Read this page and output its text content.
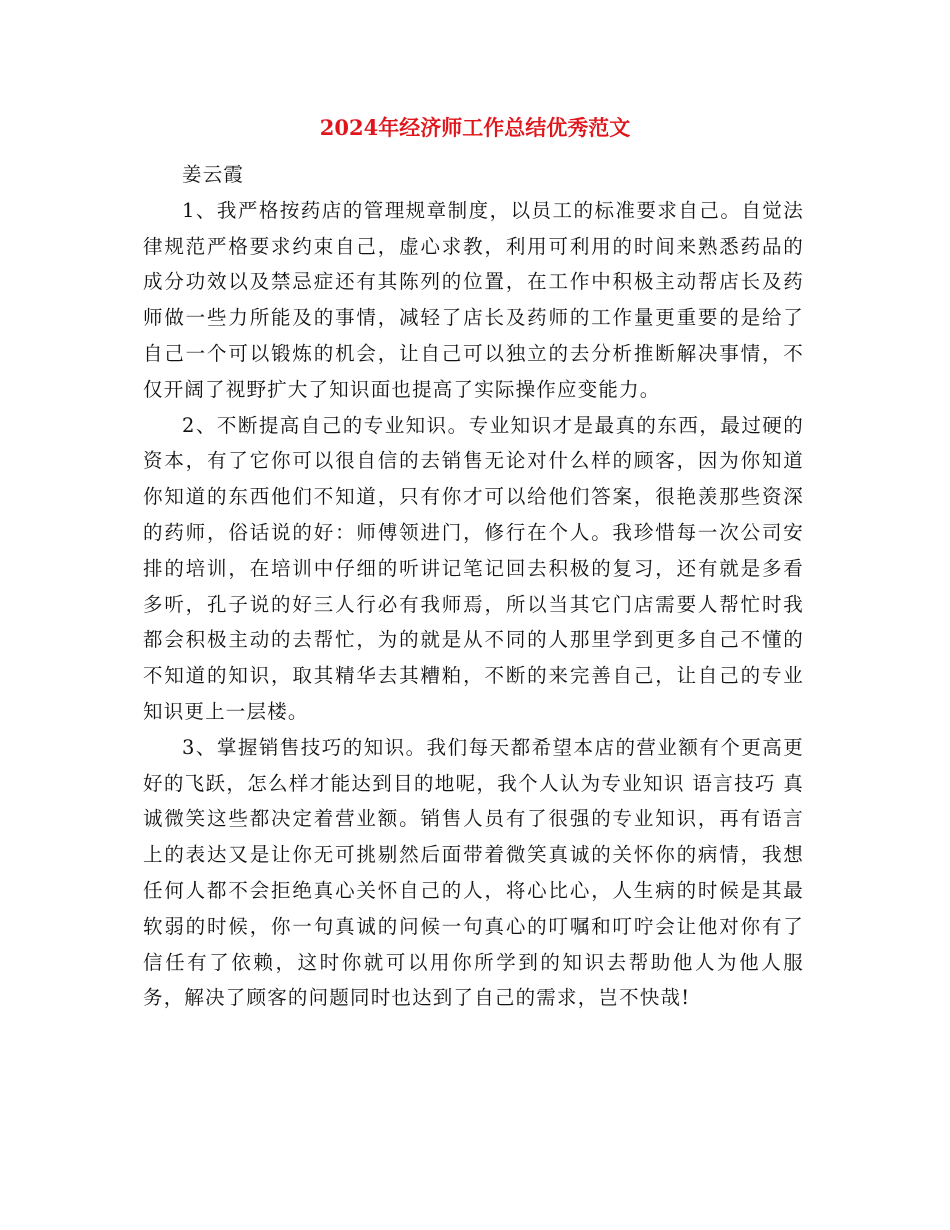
2024年经济师工作总结优秀范文

姜云霞

1、我严格按药店的管理规章制度，以员工的标准要求自己。自觉法律规范严格要求约束自己，虚心求教，利用可利用的时间来熟悉药品的成分功效以及禁忌症还有其陈列的位置，在工作中积极主动帮店长及药师做一些力所能及的事情，减轻了店长及药师的工作量更重要的是给了自己一个可以锻炼的机会，让自己可以独立的去分析推断解决事情，不仅开阔了视野扩大了知识面也提高了实际操作应变能力。

2、不断提高自己的专业知识。专业知识才是最真的东西，最过硬的资本，有了它你可以很自信的去销售无论对什么样的顾客，因为你知道你知道的东西他们不知道，只有你才可以给他们答案，很艳羡那些资深的药师，俗话说的好：师傅领进门，修行在个人。我珍惜每一次公司安排的培训，在培训中仔细的听讲记笔记回去积极的复习，还有就是多看多听，孔子说的好三人行必有我师焉，所以当其它门店需要人帮忙时我都会积极主动的去帮忙，为的就是从不同的人那里学到更多自己不懂的不知道的知识，取其精华去其糟粕，不断的来完善自己，让自己的专业知识更上一层楼。

3、掌握销售技巧的知识。我们每天都希望本店的营业额有个更高更好的飞跃，怎么样才能达到目的地呢，我个人认为专业知识 语言技巧 真诚微笑这些都决定着营业额。销售人员有了很强的专业知识，再有语言上的表达又是让你无可挑剔然后面带着微笑真诚的关怀你的病情，我想任何人都不会拒绝真心关怀自己的人，将心比心，人生病的时候是其最软弱的时候，你一句真诚的问候一句真心的叮嘱和叮咛会让他对你有了信任有了依赖，这时你就可以用你所学到的知识去帮助他人为他人服务，解决了顾客的问题同时也达到了自己的需求，岂不快哉!
